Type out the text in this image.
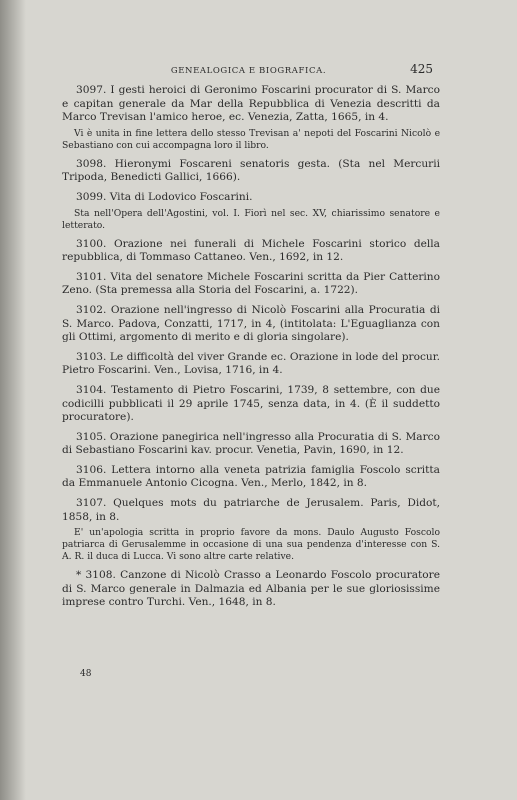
GENEALOGICA E BIOGRAFICA.	425

3097. I gesti heroici di Geronimo Foscarini procurator di S. Marco e capitan generale da Mar della Repubblica di Venezia descritti da Marco Trevisan l'amico heroe, ec. Venezia, Zatta, 1665, in 4.

Vi è unita in fine lettera dello stesso Trevisan a' nepoti del Foscarini Nicolò e Sebastiano con cui accompagna loro il libro.

3098. Hieronymi Foscareni senatoris gesta. (Sta nel Mercurii Tripoda, Benedicti Gallici, 1666).

3099. Vita di Lodovico Foscarini.

Sta nell'Opera dell'Agostini, vol. I. Fiorì nel sec. XV, chiarissimo senatore e letterato.

3100. Orazione nei funerali di Michele Foscarini storico della repubblica, di Tommaso Cattaneo. Ven., 1692, in 12.

3101. Vita del senatore Michele Foscarini scritta da Pier Catterino Zeno. (Sta premessa alla Storia del Foscarini, a. 1722).

3102. Orazione nell'ingresso di Nicolò Foscarini alla Procuratia di S. Marco. Padova, Conzatti, 1717, in 4, (intitolata: L'Eguaglianza con gli Ottimi, argomento di merito e di gloria singolare).

3103. Le difficoltà del viver Grande ec. Orazione in lode del procur. Pietro Foscarini. Ven., Lovisa, 1716, in 4.

3104. Testamento di Pietro Foscarini, 1739, 8 settembre, con due codicilli pubblicati il 29 aprile 1745, senza data, in 4. (È il suddetto procuratore).

3105. Orazione panegirica nell'ingresso alla Procuratia di S. Marco di Sebastiano Foscarini kav. procur. Venetia, Pavin, 1690, in 12.

3106. Lettera intorno alla veneta patrizia famiglia Foscolo scritta da Emmanuele Antonio Cicogna. Ven., Merlo, 1842, in 8.

3107. Quelques mots du patriarche de Jerusalem. Paris, Didot, 1858, in 8.

E' un'apologia scritta in proprio favore da mons. Daulo Augusto Foscolo patriarca di Gerusalemme in occasione di una sua pendenza d'interesse con S. A. R. il duca di Lucca. Vi sono altre carte relative.

* 3108. Canzone di Nicolò Crasso a Leonardo Foscolo procuratore di S. Marco generale in Dalmazia ed Albania per le sue gloriosissime imprese contro Turchi. Ven., 1648, in 8.

48
